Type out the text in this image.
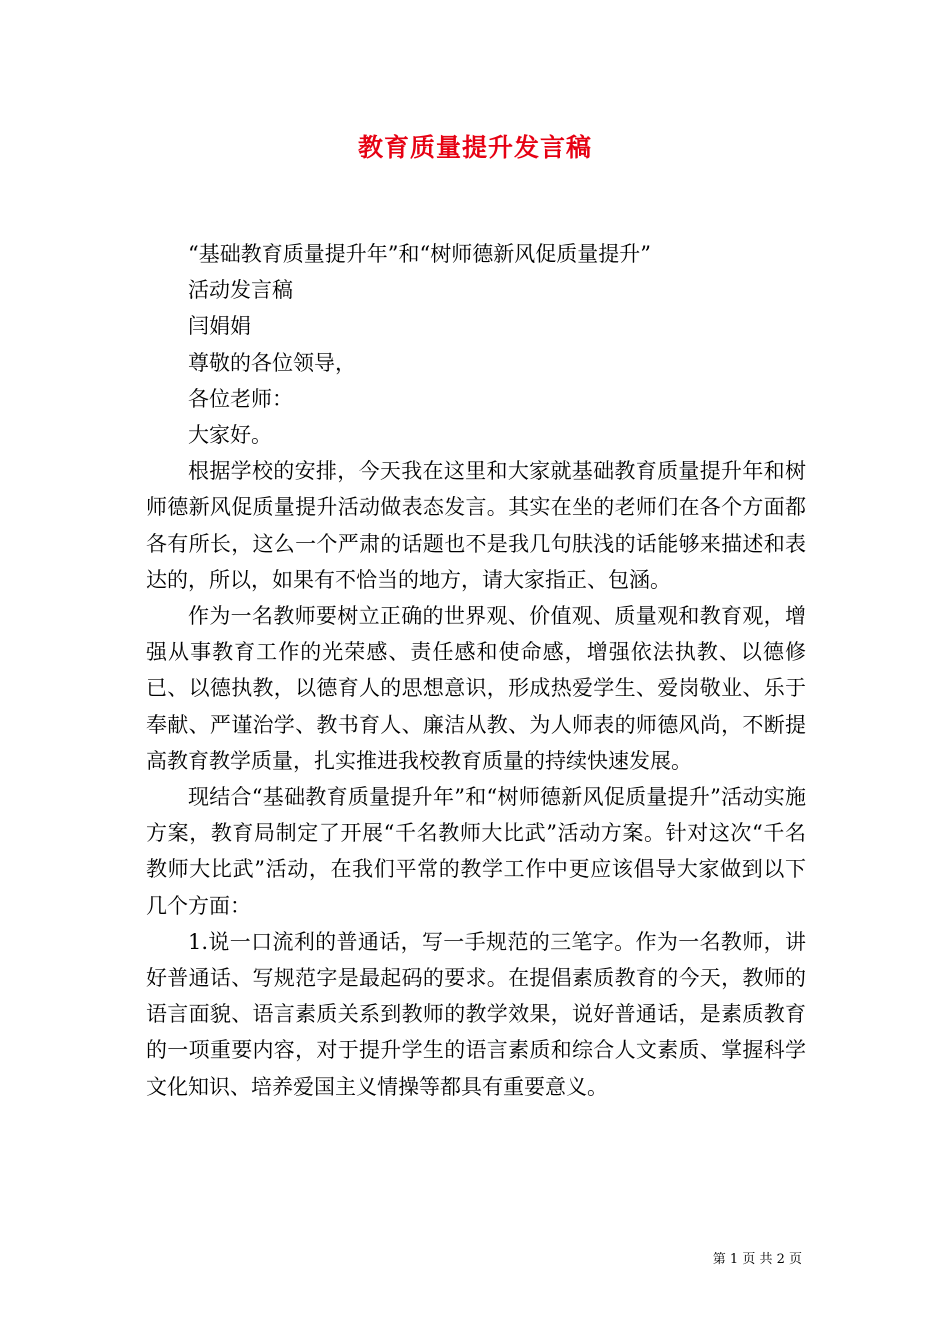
教育质量提升发言稿

“基础教育质量提升年”和“树师德新风促质量提升”

活动发言稿

闫娟娟

尊敬的各位领导，

各位老师：

大家好。

根据学校的安排，今天我在这里和大家就基础教育质量提升年和树师德新风促质量提升活动做表态发言。其实在坐的老师们在各个方面都各有所长，这么一个严肃的话题也不是我几句肤浅的话能够来描述和表达的，所以，如果有不恰当的地方，请大家指正、包涵。

作为一名教师要树立正确的世界观、价值观、质量观和教育观，增强从事教育工作的光荣感、责任感和使命感，增强依法执教、以德修已、以德执教，以德育人的思想意识，形成热爱学生、爱岗敬业、乐于奉献、严谨治学、教书育人、廉洁从教、为人师表的师德风尚，不断提高教育教学质量，扎实推进我校教育质量的持续快速发展。

现结合“基础教育质量提升年”和“树师德新风促质量提升”活动实施方案，教育局制定了开展“千名教师大比武”活动方案。针对这次“千名教师大比武”活动，在我们平常的教学工作中更应该倡导大家做到以下几个方面：

1.说一口流利的普通话，写一手规范的三笔字。作为一名教师，讲好普通话、写规范字是最起码的要求。在提倡素质教育的今天，教师的语言面貌、语言素质关系到教师的教学效果，说好普通话，是素质教育的一项重要内容，对于提升学生的语言素质和综合人文素质、掌握科学文化知识、培养爱国主义情操等都具有重要意义。

第 1 页 共 2 页
